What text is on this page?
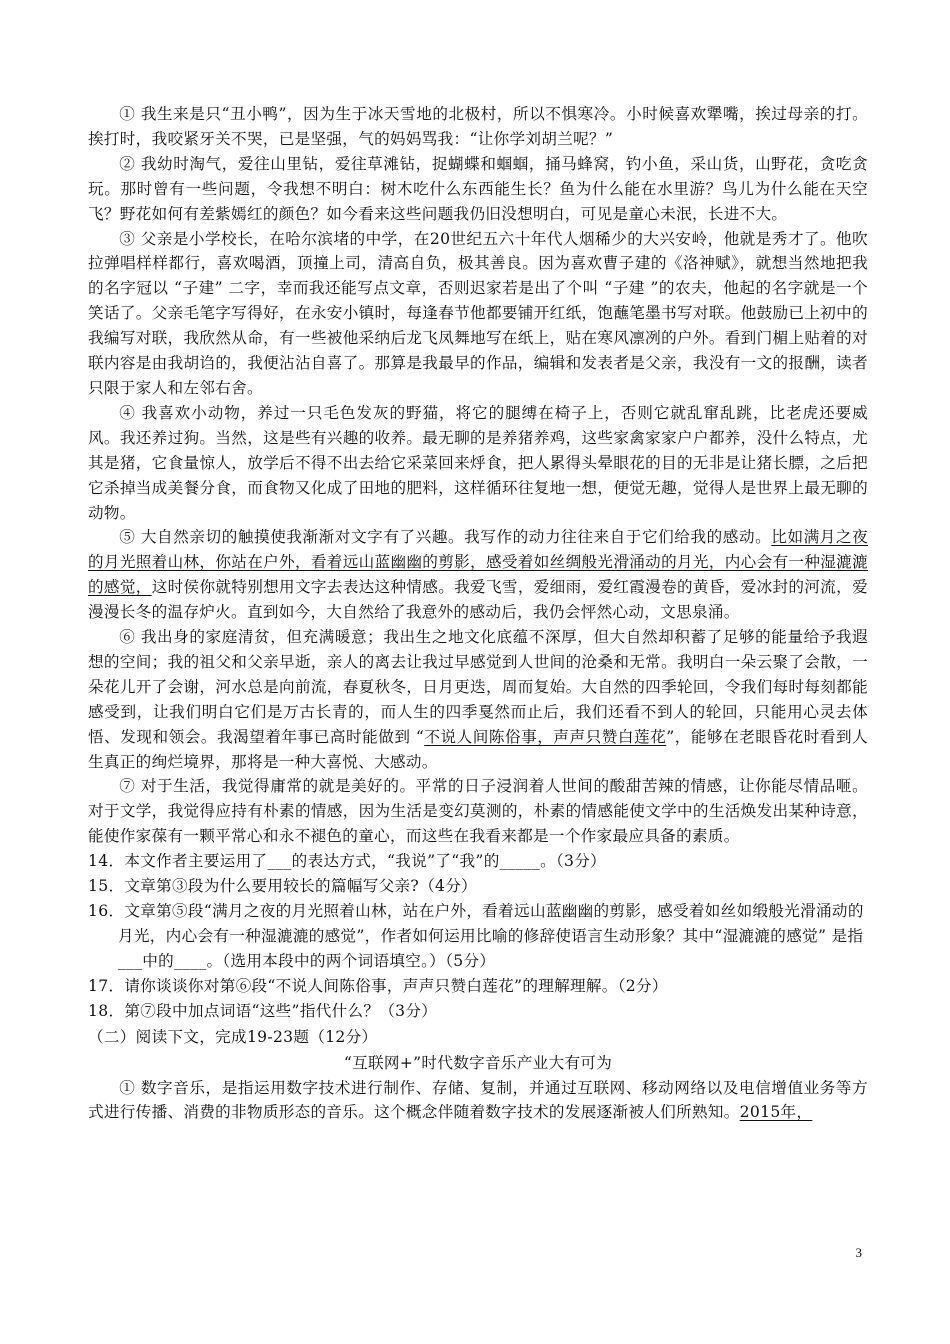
① 我生来是只“丑小鸭”，因为生于冰天雪地的北极村，所以不惧寒冷。小时候喜欢犟嘴，挨过母亲的打。挨打时，我咬紧牙关不哭，已是坚强，气的妈妈骂我：“让你学刘胡兰呢？”

② 我幼时淘气，爱往山里钻，爱往草滩钻，捉蝴蝶和蝈蝈，捅马蜂窝，钓小鱼，采山货，山野花，贪吃贪玩。那时曾有一些问题，令我想不明白：树木吃什么东西能生长？鱼为什么能在水里游？鸟儿为什么能在天空飞？野花如何有差紫嫣红的颜色？如今看来这些问题我仍旧没想明白，可见是童心未泯，长进不大。

③ 父亲是小学校长，在哈尔滨堵的中学，在20世纪五六十年代人烟稀少的大兴安岭，他就是秀才了。他吹拉弹唱样样都行，喜欢喝酒，顶撞上司，清高自负，极其善良。因为喜欢曹子建的《洛神赋》，就想当然地把我的名字冠以 “子建” 二字，幸而我还能写点文章，否则迟家若是出了个叫 “子建 ”的农夫，他起的名字就是一个笑话了。父亲毛笔字写得好，在永安小镇时，每逢春节他都要铺开红纸，饱蘸笔墨书写对联。他鼓励已上初中的我编写对联，我欣然从命，有一些被他采纳后龙飞凤舞地写在纸上，贴在寒风凛冽的户外。看到门楣上贴着的对联内容是由我胡诌的，我便沾沾自喜了。那算是我最早的作品，编辑和发表者是父亲，我没有一文的报酬，读者只限于家人和左邻右舍。

④ 我喜欢小动物，养过一只毛色发灰的野猫，将它的腿缚在椅子上，否则它就乱窜乱跳，比老虎还要威风。我还养过狗。当然，这是些有兴趣的收养。最无聊的是养猪养鸡，这些家禽家家户户都养，没什么特点，尤其是猪，它食量惊人，放学后不得不出去给它采菜回来烀食，把人累得头晕眼花的目的无非是让猪长膘，之后把它杀掉当成美餐分食，而食物又化成了田地的肥料，这样循环往复地一想，便觉无趣，觉得人是世界上最无聊的动物。

⑤ 大自然亲切的触摸使我渐渐对文字有了兴趣。我写作的动力往往来自于它们给我的感动。比如满月之夜的月光照着山林，你站在户外，看着远山蓝幽幽的剪影，感受着如丝绸般光滑涌动的月光，内心会有一种湿漉漉的感觉，这时侯你就特别想用文字去表达这种情感。我爱飞雪，爱细雨，爱红霞漫卷的黄昏，爱冰封的河流，爱漫漫长冬的温存炉火。直到如今，大自然给了我意外的感动后，我仍会怦然心动，文思泉涌。

⑥ 我出身的家庭清贫，但充满暖意；我出生之地文化底蕴不深厚，但大自然却积蓄了足够的能量给予我遐想的空间；我的祖父和父亲早逝，亲人的离去让我过早感觉到人世间的沧桑和无常。我明白一朵云聚了会散，一朵花儿开了会谢，河水总是向前流，春夏秋冬，日月更迭，周而复始。大自然的四季轮回，令我们每时每刻都能感受到，让我们明白它们是万古长青的，而人生的四季戛然而止后，我们还看不到人的轮回，只能用心灵去体悟、发现和领会。我渴望着年事已高时能做到 “不说人间陈俗事，声声只赞白莲花”，能够在老眼昏花时看到人生真正的绚烂境界，那将是一种大喜悦、大感动。

⑦ 对于生活，我觉得庸常的就是美好的。平常的日子浸润着人世间的酸甜苦辣的情感，让你能尽情品咂。对于文学，我觉得应持有朴素的情感，因为生活是变幻莫测的，朴素的情感能使文学中的生活焕发出某种诗意，能使作家葆有一颗平常心和永不褪色的童心，而这些在我看来都是一个作家最应具备的素质。

14．本文作者主要运用了___的表达方式，“我说”了“我”的_____。（3分）

15．文章第③段为什么要用较长的篇幅写父亲?（4分）

16．文章第⑤段“满月之夜的月光照着山林，站在户外，看着远山蓝幽幽的剪影，感受着如丝如缎般光滑涌动的月光，内心会有一种湿漉漉的感觉”，作者如何运用比喻的修辞使语言生动形象？其中“湿漉漉的感觉” 是指___中的____。（选用本段中的两个词语填空。）（5分）

17．请你谈谈你对第⑥段“不说人间陈俗事，声声只赞白莲花”的理解理解。（2分）

18．第⑦段中加点词语“这些”指代什么？（3分）

（二）阅读下文，完成19-23题（12分）

“互联网+”时代数字音乐产业大有可为

① 数字音乐，是指运用数字技术进行制作、存储、复制，并通过互联网、移动网络以及电信增值业务等方式进行传播、消费的非物质形态的音乐。这个概念伴随着数字技术的发展逐渐被人们所熟知。2015年，

3
